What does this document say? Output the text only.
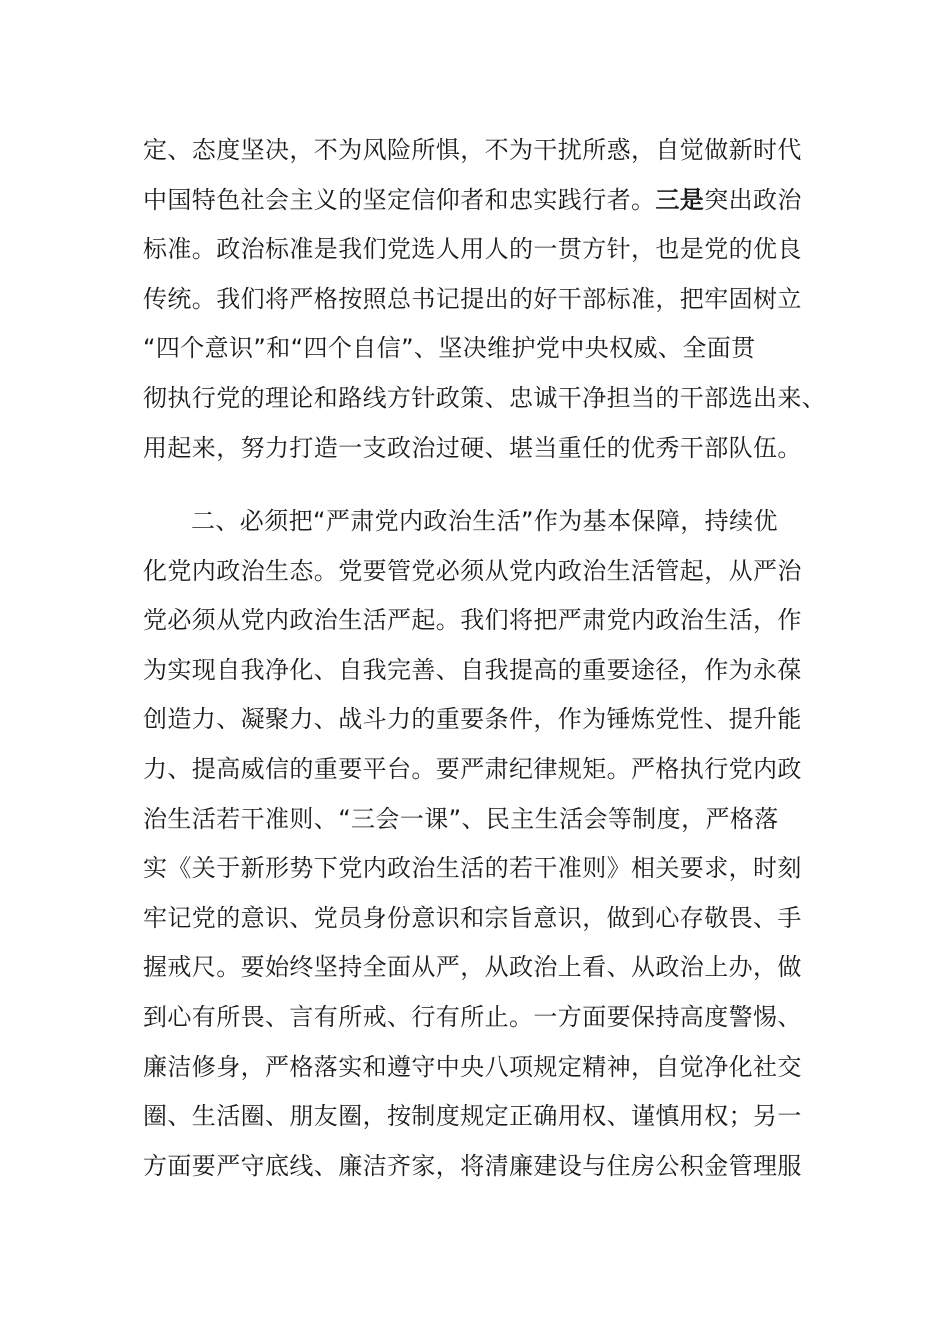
定、态度坚决，不为风险所惧，不为干扰所惑，自觉做新时代
中国特色社会主义的坚定信仰者和忠实践行者。三是突出政治
标准。政治标准是我们党选人用人的一贯方针，也是党的优良
传统。我们将严格按照总书记提出的好干部标准，把牢固树立
“四个意识”和“四个自信”、坚决维护党中央权威、全面贯
彻执行党的理论和路线方针政策、忠诚干净担当的干部选出来、
用起来，努力打造一支政治过硬、堪当重任的优秀干部队伍。
二、必须把“严肃党内政治生活”作为基本保障，持续优
化党内政治生态。党要管党必须从党内政治生活管起，从严治
党必须从党内政治生活严起。我们将把严肃党内政治生活，作
为实现自我净化、自我完善、自我提高的重要途径，作为永葆
创造力、凝聚力、战斗力的重要条件，作为锤炼党性、提升能
力、提高威信的重要平台。要严肃纪律规矩。严格执行党内政
治生活若干准则、“三会一课”、民主生活会等制度，严格落
实《关于新形势下党内政治生活的若干准则》相关要求，时刻
牢记党的意识、党员身份意识和宗旨意识，做到心存敬畏、手
握戒尺。要始终坚持全面从严，从政治上看、从政治上办，做
到心有所畏、言有所戒、行有所止。一方面要保持高度警惕、
廉洁修身，严格落实和遵守中央八项规定精神，自觉净化社交
圈、生活圈、朋友圈，按制度规定正确用权、谨慎用权；另一
方面要严守底线、廉洁齐家，将清廉建设与住房公积金管理服
